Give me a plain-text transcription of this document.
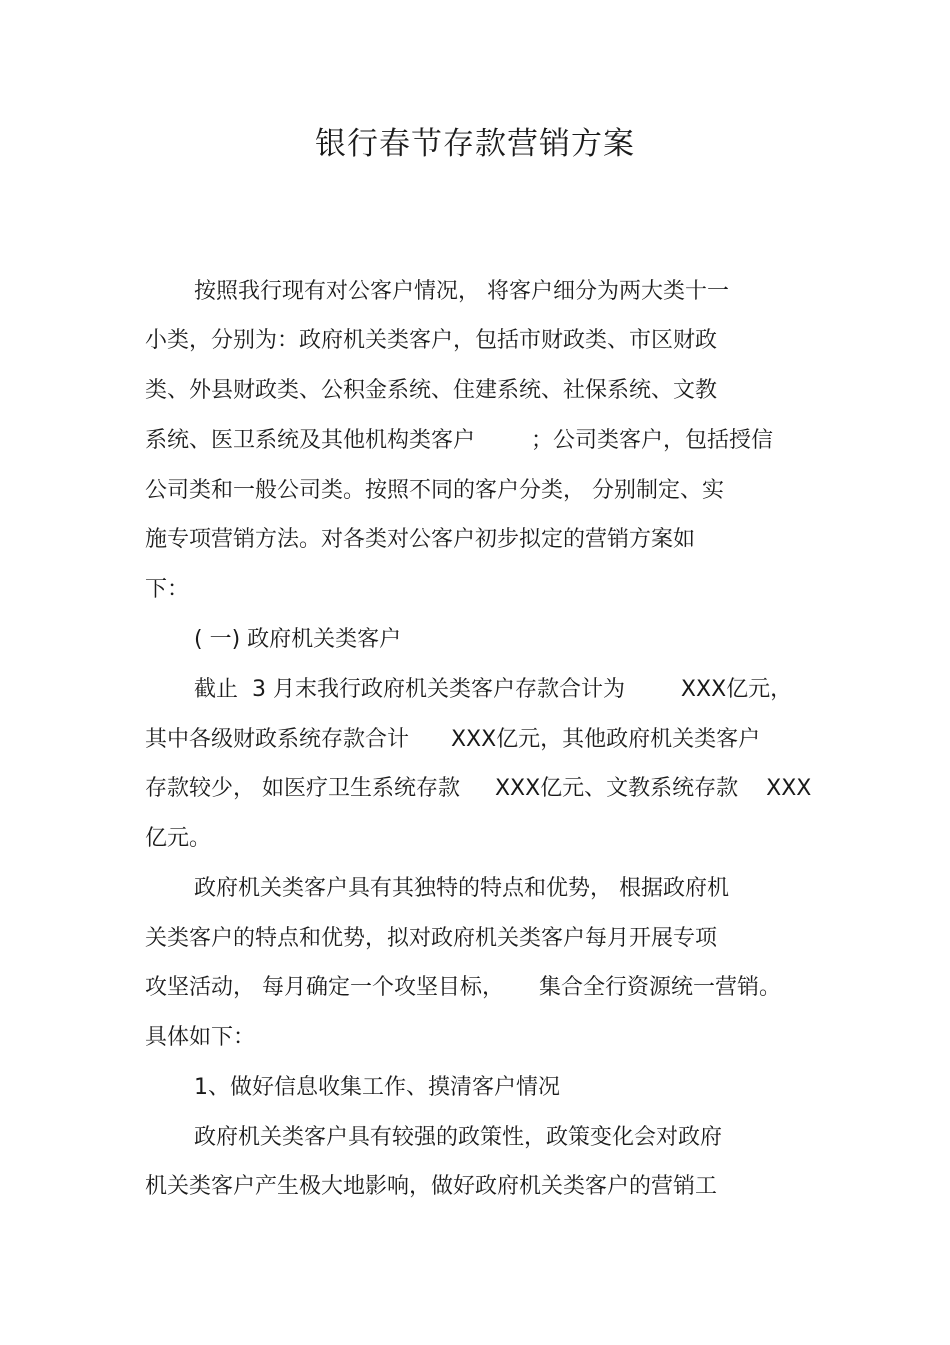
银行春节存款营销方案
按照我行现有对公客户情况， 将客户细分为两大类十一
小类，分别为：政府机关类客户，包括市财政类、市区财政
类、外县财政类、公积金系统、住建系统、社保系统、文教
系统、医卫系统及其他机构类客户        ；公司类客户，包括授信
公司类和一般公司类。按照不同的客户分类， 分别制定、实
施专项营销方法。对各类对公客户初步拟定的营销方案如
下：
( 一) 政府机关类客户
截止  3 月末我行政府机关类客户存款合计为        XXX亿元，
其中各级财政系统存款合计      XXX亿元，其他政府机关类客户
存款较少， 如医疗卫生系统存款     XXX亿元、文教系统存款    XXX
亿元。
政府机关类客户具有其独特的特点和优势， 根据政府机
关类客户的特点和优势，拟对政府机关类客户每月开展专项
攻坚活动， 每月确定一个攻坚目标，     集合全行资源统一营销。
具体如下：
1、做好信息收集工作、摸清客户情况
政府机关类客户具有较强的政策性，政策变化会对政府
机关类客户产生极大地影响，做好政府机关类客户的营销工
